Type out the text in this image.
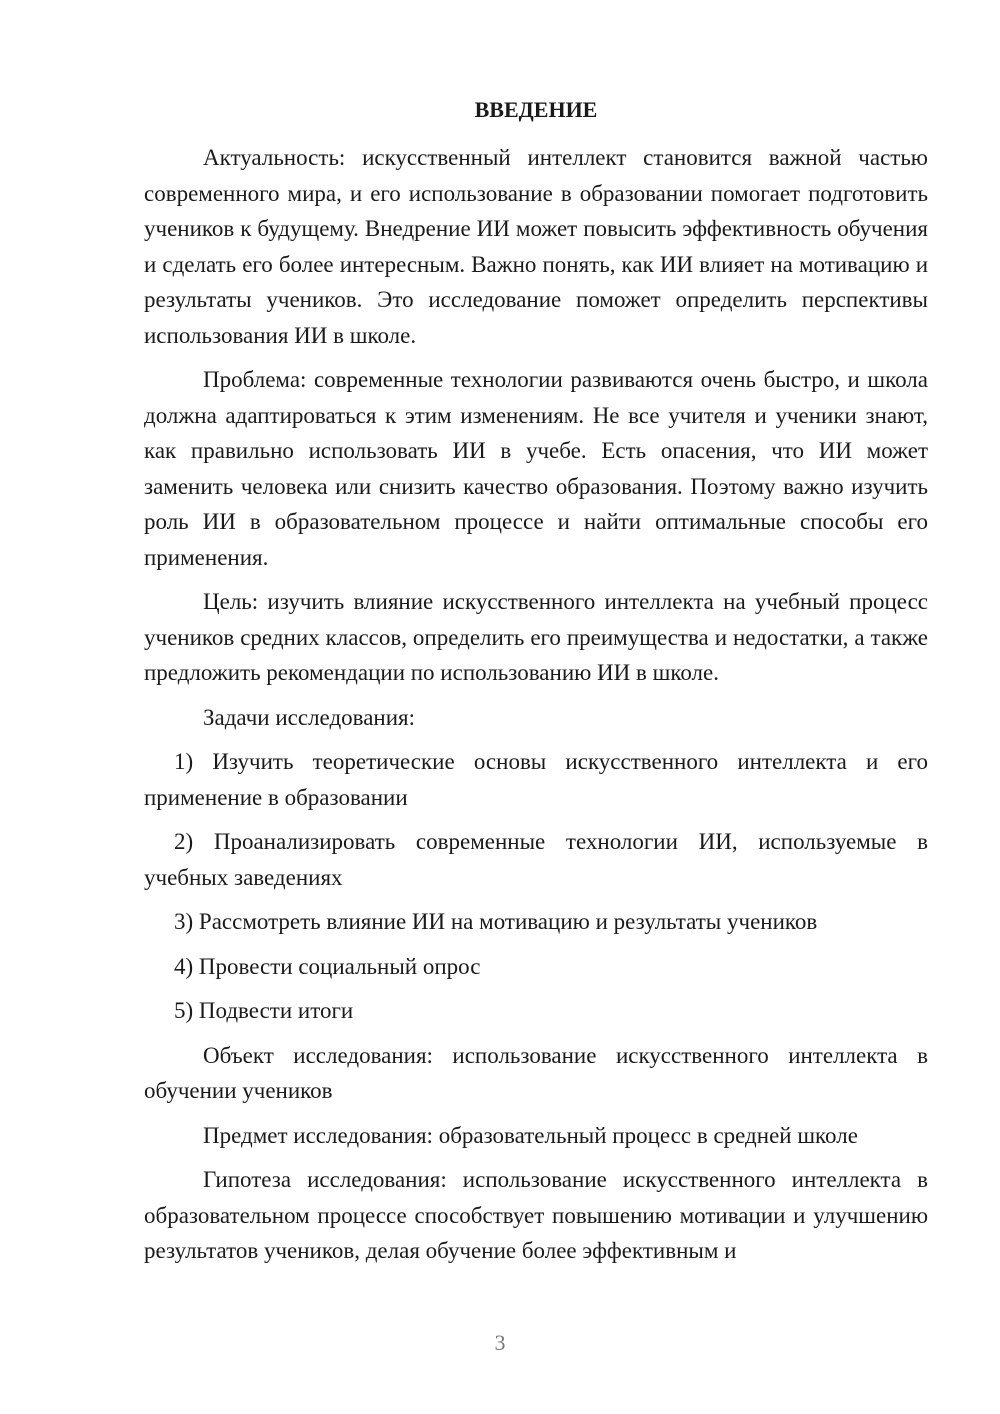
ВВЕДЕНИЕ

Актуальность: искусственный интеллект становится важной частью современного мира, и его использование в образовании помогает подготовить учеников к будущему. Внедрение ИИ может повысить эффективность обучения и сделать его более интересным. Важно понять, как ИИ влияет на мотивацию и результаты учеников. Это исследование поможет определить перспективы использования ИИ в школе.

Проблема: современные технологии развиваются очень быстро, и школа должна адаптироваться к этим изменениям. Не все учителя и ученики знают, как правильно использовать ИИ в учебе. Есть опасения, что ИИ может заменить человека или снизить качество образования. Поэтому важно изучить роль ИИ в образовательном процессе и найти оптимальные способы его применения.

Цель: изучить влияние искусственного интеллекта на учебный процесс учеников средних классов, определить его преимущества и недостатки, а также предложить рекомендации по использованию ИИ в школе.

Задачи исследования:

1) Изучить теоретические основы искусственного интеллекта и его применение в образовании

2) Проанализировать современные технологии ИИ, используемые в учебных заведениях

3) Рассмотреть влияние ИИ на мотивацию и результаты учеников

4) Провести социальный опрос

5) Подвести итоги

Объект исследования: использование искусственного интеллекта в обучении учеников

Предмет исследования: образовательный процесс в средней школе

Гипотеза исследования: использование искусственного интеллекта в образовательном процессе способствует повышению мотивации и улучшению результатов учеников, делая обучение более эффективным и

3
